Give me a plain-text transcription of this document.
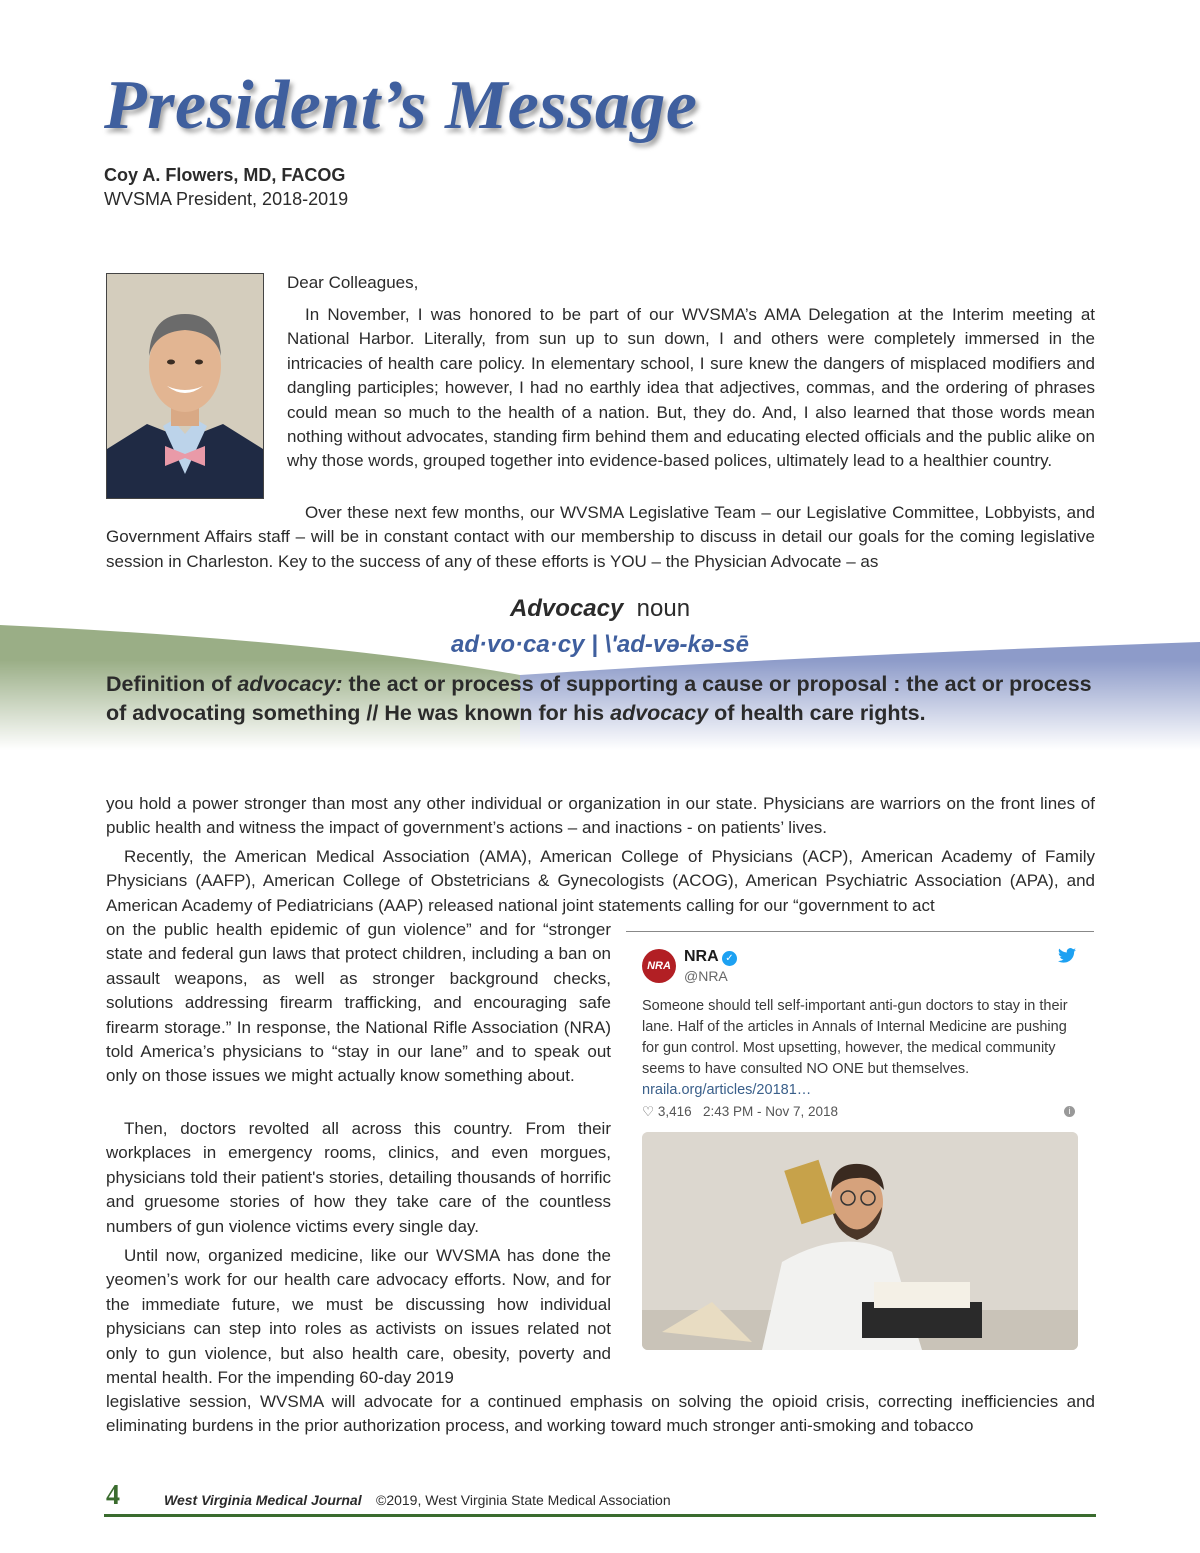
President’s Message
Coy A. Flowers, MD, FACOG
WVSMA President, 2018-2019
Dear Colleagues,
In November, I was honored to be part of our WVSMA’s AMA Delegation at the Interim meeting at National Harbor. Literally, from sun up to sun down, I and others were completely immersed in the intricacies of health care policy. In elementary school, I sure knew the dangers of misplaced modifiers and dangling participles; however, I had no earthly idea that adjectives, commas, and the ordering of phrases could mean so much to the health of a nation. But, they do. And, I also learned that those words mean nothing without advocates, standing firm behind them and educating elected officials and the public alike on why those words, grouped together into evidence-based polices, ultimately lead to a healthier country.
Over these next few months, our WVSMA Legislative Team – our Legislative Committee, Lobbyists, and Government Affairs staff – will be in constant contact with our membership to discuss in detail our goals for the coming legislative session in Charleston. Key to the success of any of these efforts is YOU – the Physician Advocate – as
Advocacy noun
ad·vo·ca·cy | \'ad-və-kə-sē
Definition of advocacy: the act or process of supporting a cause or proposal : the act or process of advocating something // He was known for his advocacy of health care rights.
you hold a power stronger than most any other individual or organization in our state. Physicians are warriors on the front lines of public health and witness the impact of government’s actions – and inactions - on patients’ lives.
Recently, the American Medical Association (AMA), American College of Physicians (ACP), American Academy of Family Physicians (AAFP), American College of Obstetricians & Gynecologists (ACOG), American Psychiatric Association (APA), and American Academy of Pediatricians (AAP) released national joint statements calling for our “government to act
on the public health epidemic of gun violence” and for “stronger state and federal gun laws that protect children, including a ban on assault weapons, as well as stronger background checks, solutions addressing firearm trafficking, and encouraging safe firearm storage.” In response, the National Rifle Association (NRA) told America’s physicians to “stay in our lane” and to speak out only on those issues we might actually know something about.
Then, doctors revolted all across this country. From their workplaces in emergency rooms, clinics, and even morgues, physicians told their patient's stories, detailing thousands of horrific and gruesome stories of how they take care of the countless numbers of gun violence victims every single day.
Until now, organized medicine, like our WVSMA has done the yeomen’s work for our health care advocacy efforts. Now, and for the immediate future, we must be discussing how individual physicians can step into roles as activists on issues related not only to gun violence, but also health care, obesity, poverty and mental health. For the impending 60-day 2019
legislative session, WVSMA will advocate for a continued emphasis on solving the opioid crisis, correcting inefficiencies and eliminating burdens in the prior authorization process, and working toward much stronger anti-smoking and tobacco
NRA
NRA ✓
@NRA
Someone should tell self-important anti-gun doctors to stay in their lane. Half of the articles in Annals of Internal Medicine are pushing for gun control. Most upsetting, however, the medical community seems to have consulted NO ONE but themselves.
nraila.org/articles/20181…
♡ 3,416 2:43 PM - Nov 7, 2018	i
4	West Virginia Medical Journal ©2019, West Virginia State Medical Association
